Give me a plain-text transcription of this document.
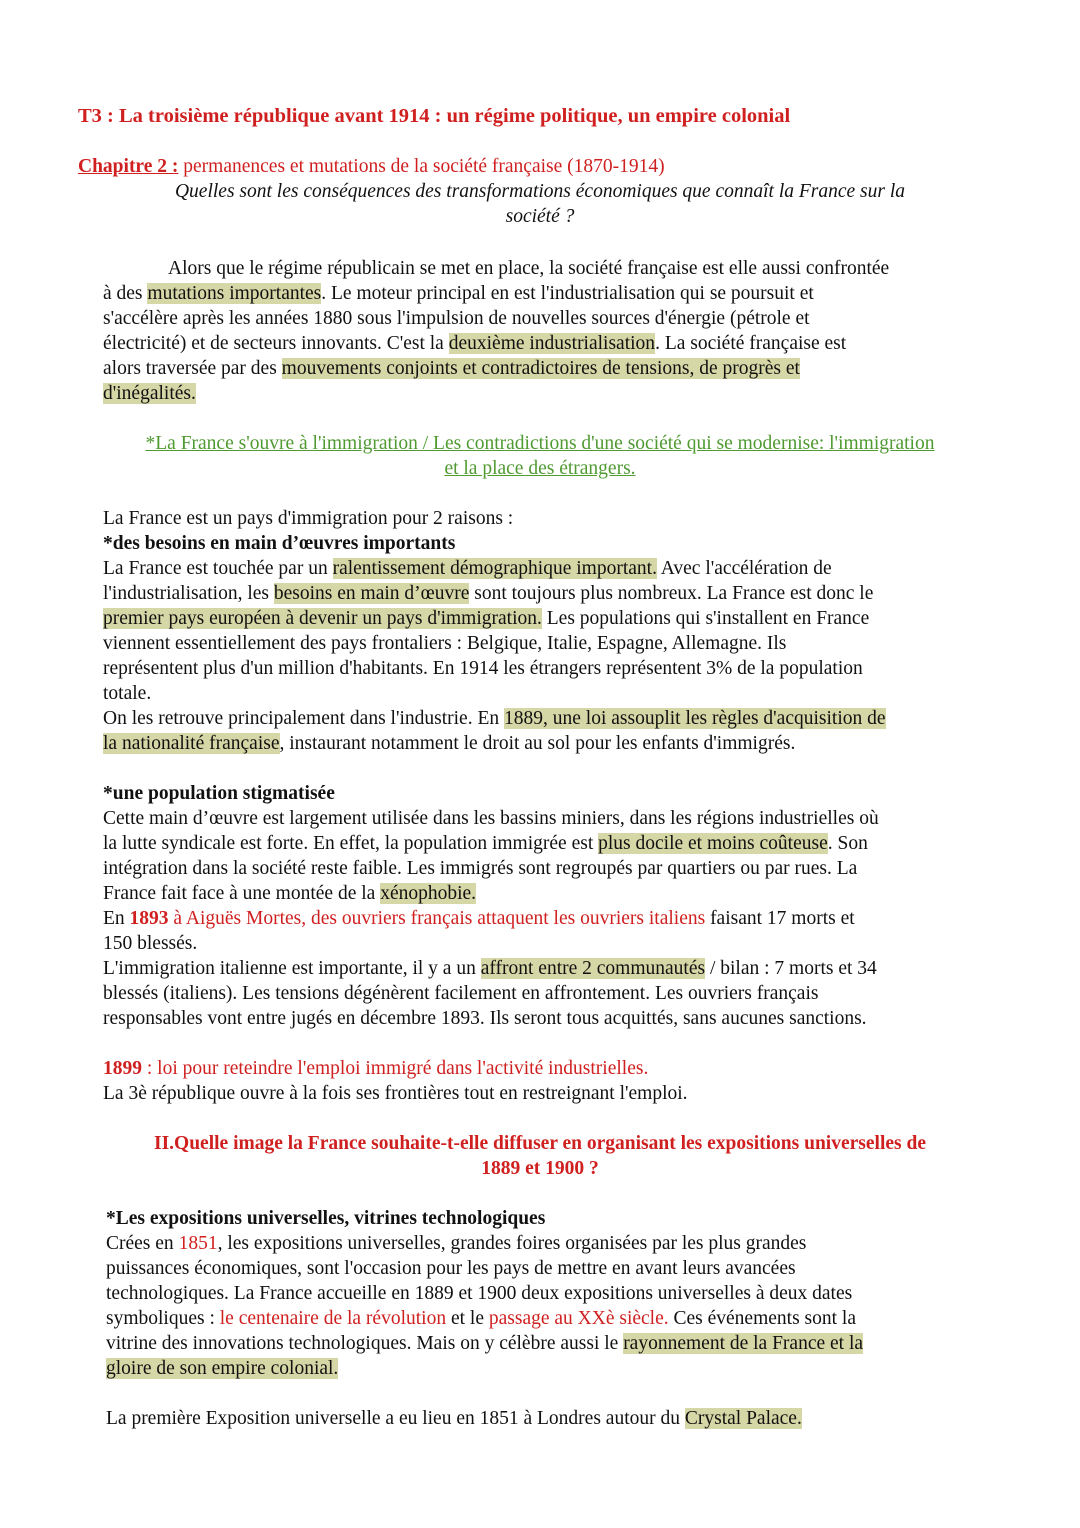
T3 : La troisième république avant 1914 : un régime politique, un empire colonial
Chapitre 2 : permanences et mutations de la société française (1870-1914)
Quelles sont les conséquences des transformations économiques que connaît la France sur la
société ?
Alors que le régime républicain se met en place, la société française est elle aussi confrontée
à des mutations importantes. Le moteur principal en est l'industrialisation qui se poursuit et
s'accélère après les années 1880 sous l'impulsion de nouvelles sources d'énergie (pétrole et
électricité) et de secteurs innovants. C'est la deuxième industrialisation. La société française est
alors traversée par des mouvements conjoints et contradictoires de tensions, de progrès et
d'inégalités.
*La France s'ouvre à l'immigration / Les contradictions d'une société qui se modernise: l'immigration
et la place des étrangers.
La France est un pays d'immigration pour 2 raisons :
*des besoins en main d’œuvres importants
La France est touchée par un ralentissement démographique important. Avec l'accélération de
l'industrialisation, les besoins en main d’œuvre sont toujours plus nombreux. La France est donc le
premier pays européen à devenir un pays d'immigration. Les populations qui s'installent en France
viennent essentiellement des pays frontaliers : Belgique, Italie, Espagne, Allemagne. Ils
représentent plus d'un million d'habitants. En 1914 les étrangers représentent 3% de la population
totale.
On les retrouve principalement dans l'industrie. En 1889, une loi assouplit les règles d'acquisition de
la nationalité française, instaurant notamment le droit au sol pour les enfants d'immigrés.
*une population stigmatisée
Cette main d’œuvre est largement utilisée dans les bassins miniers, dans les régions industrielles où
la lutte syndicale est forte. En effet, la population immigrée est plus docile et moins coûteuse. Son
intégration dans la société reste faible. Les immigrés sont regroupés par quartiers ou par rues. La
France fait face à une montée de la xénophobie.
En 1893 à Aiguës Mortes, des ouvriers français attaquent les ouvriers italiens faisant 17 morts et
150 blessés.
L'immigration italienne est importante, il y a un affront entre 2 communautés / bilan : 7 morts et 34
blessés (italiens). Les tensions dégénèrent facilement en affrontement. Les ouvriers français
responsables vont entre jugés en décembre 1893. Ils seront tous acquittés, sans aucunes sanctions.
1899 : loi pour reteindre l'emploi immigré dans l'activité industrielles.
La 3è république ouvre à la fois ses frontières tout en restreignant l'emploi.
II.Quelle image la France souhaite-t-elle diffuser en organisant les expositions universelles de
1889 et 1900 ?
*Les expositions universelles, vitrines technologiques
Crées en 1851, les expositions universelles, grandes foires organisées par les plus grandes
puissances économiques, sont l'occasion pour les pays de mettre en avant leurs avancées
technologiques. La France accueille en 1889 et 1900 deux expositions universelles à deux dates
symboliques : le centenaire de la révolution et le passage au XXè siècle. Ces événements sont la
vitrine des innovations technologiques. Mais on y célèbre aussi le rayonnement de la France et la
gloire de son empire colonial.
La première Exposition universelle a eu lieu en 1851 à Londres autour du Crystal Palace.
